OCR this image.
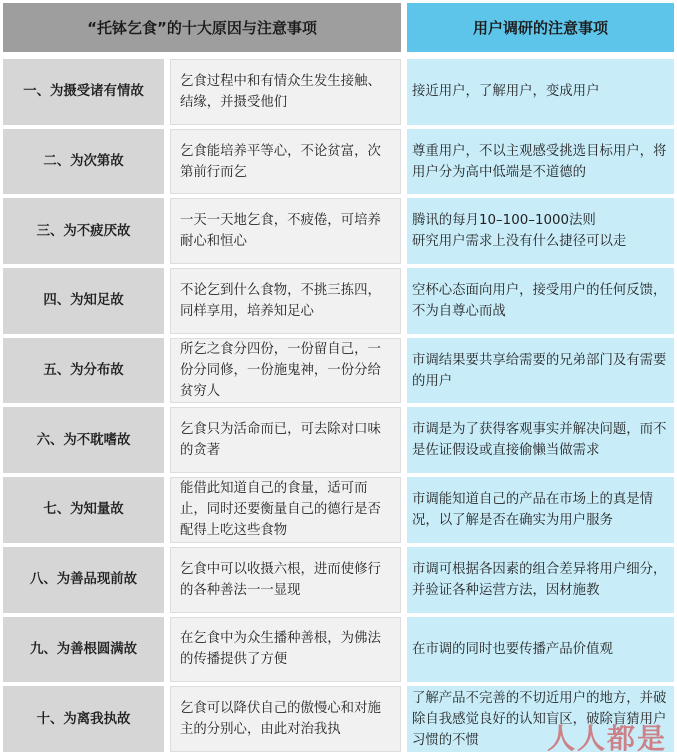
“托钵乞食”的十大原因与注意事项	用户调研的注意事项
一、为摄受诸有情故
乞食过程中和有情众生发生接触、结缘，并摄受他们
接近用户，了解用户，变成用户
二、为次第故
乞食能培养平等心，不论贫富，次第前行而乞
尊重用户，不以主观感受挑选目标用户，将用户分为高中低端是不道德的
三、为不疲厌故
一天一天地乞食，不疲倦，可培养耐心和恒心
腾讯的每月10–100–1000法则
研究用户需求上没有什么捷径可以走
四、为知足故
不论乞到什么食物，不挑三拣四，同样享用，培养知足心
空杯心态面向用户，接受用户的任何反馈，不为自尊心而战
五、为分布故
所乞之食分四份，一份留自己，一份分同修，一份施鬼神，一份分给贫穷人
市调结果要共享给需要的兄弟部门及有需要的用户
六、为不耽嗜故
乞食只为活命而已，可去除对口味的贪著
市调是为了获得客观事实并解决问题，而不是佐证假设或直接偷懒当做需求
七、为知量故
能借此知道自己的食量，适可而止，同时还要衡量自己的德行是否配得上吃这些食物
市调能知道自己的产品在市场上的真是情况，以了解是否在确实为用户服务
八、为善品现前故
乞食中可以收摄六根，进而使修行的各种善法一一显现
市调可根据各因素的组合差异将用户细分，并验证各种运营方法，因材施教
九、为善根圆满故
在乞食中为众生播种善根，为佛法的传播提供了方便
在市调的同时也要传播产品价值观
十、为离我执故
乞食可以降伏自己的傲慢心和对施主的分别心，由此对治我执
了解产品不完善的不切近用户的地方，并破除自我感觉良好的认知盲区，破除盲猜用户习惯的不惯	人人都是
